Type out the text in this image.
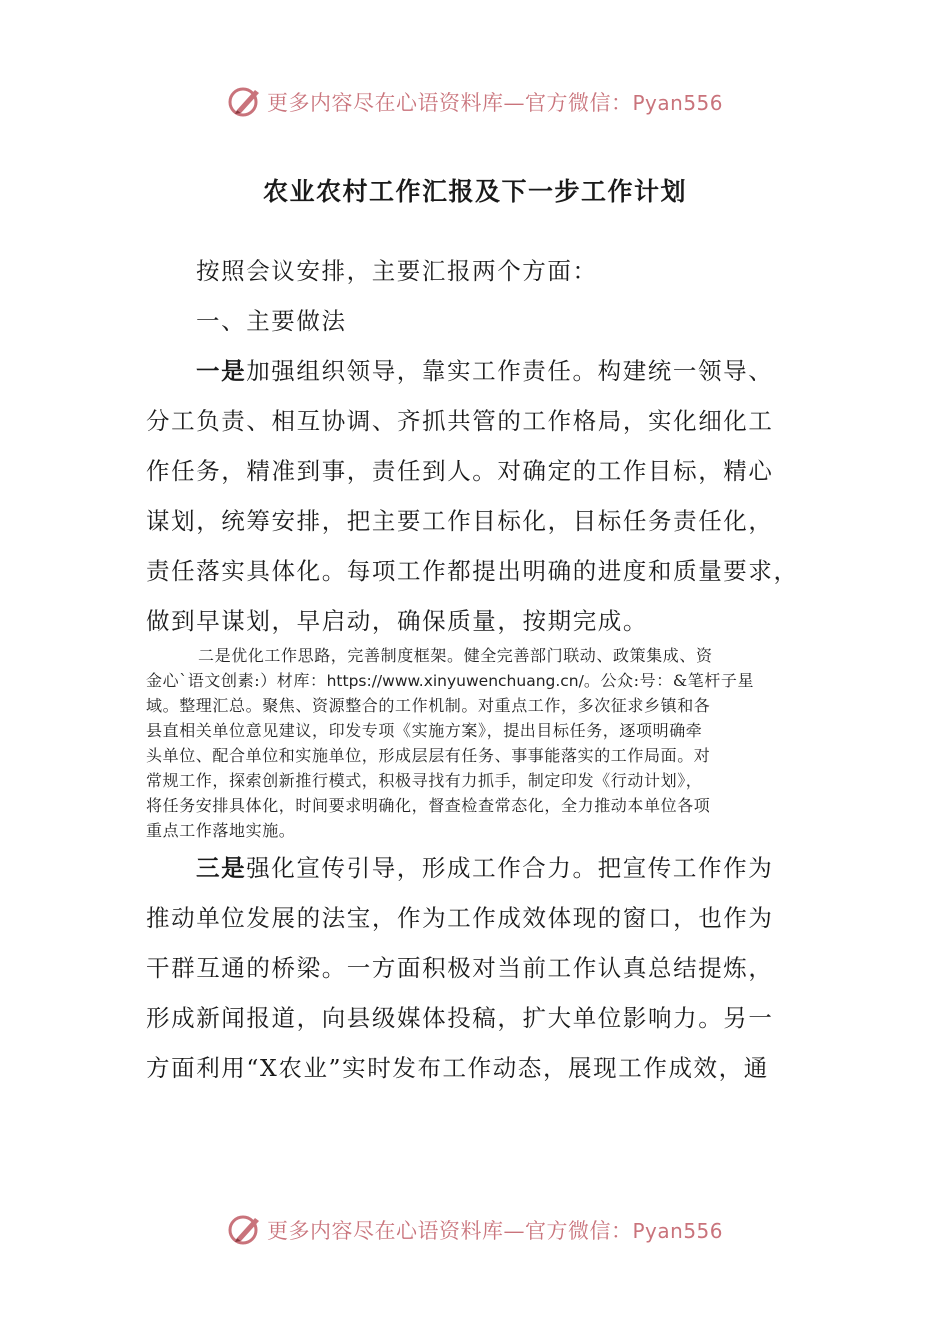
更多内容尽在心语资料库—官方微信：Pyan556
农业农村工作汇报及下一步工作计划
按照会议安排，主要汇报两个方面：
一、主要做法
一是加强组织领导，靠实工作责任。构建统一领导、
分工负责、相互协调、齐抓共管的工作格局，实化细化工
作任务，精准到事，责任到人。对确定的工作目标，精心
谋划，统筹安排，把主要工作目标化，目标任务责任化，
责任落实具体化。每项工作都提出明确的进度和质量要求，
做到早谋划，早启动，确保质量，按期完成。
二是优化工作思路，完善制度框架。健全完善部门联动、政策集成、资
金心`语文创素:）材库：https://www.xinyuwenchuang.cn/。公众:号：&笔杆子星
域。整理汇总。聚焦、资源整合的工作机制。对重点工作，多次征求乡镇和各
县直相关单位意见建议，印发专项《实施方案》，提出目标任务，逐项明确牵
头单位、配合单位和实施单位，形成层层有任务、事事能落实的工作局面。对
常规工作，探索创新推行模式，积极寻找有力抓手，制定印发《行动计划》，
将任务安排具体化，时间要求明确化，督查检查常态化，全力推动本单位各项
重点工作落地实施。
三是强化宣传引导，形成工作合力。把宣传工作作为
推动单位发展的法宝，作为工作成效体现的窗口，也作为
干群互通的桥梁。一方面积极对当前工作认真总结提炼，
形成新闻报道，向县级媒体投稿，扩大单位影响力。另一
方面利用“X农业”实时发布工作动态，展现工作成效，通
更多内容尽在心语资料库—官方微信：Pyan556
